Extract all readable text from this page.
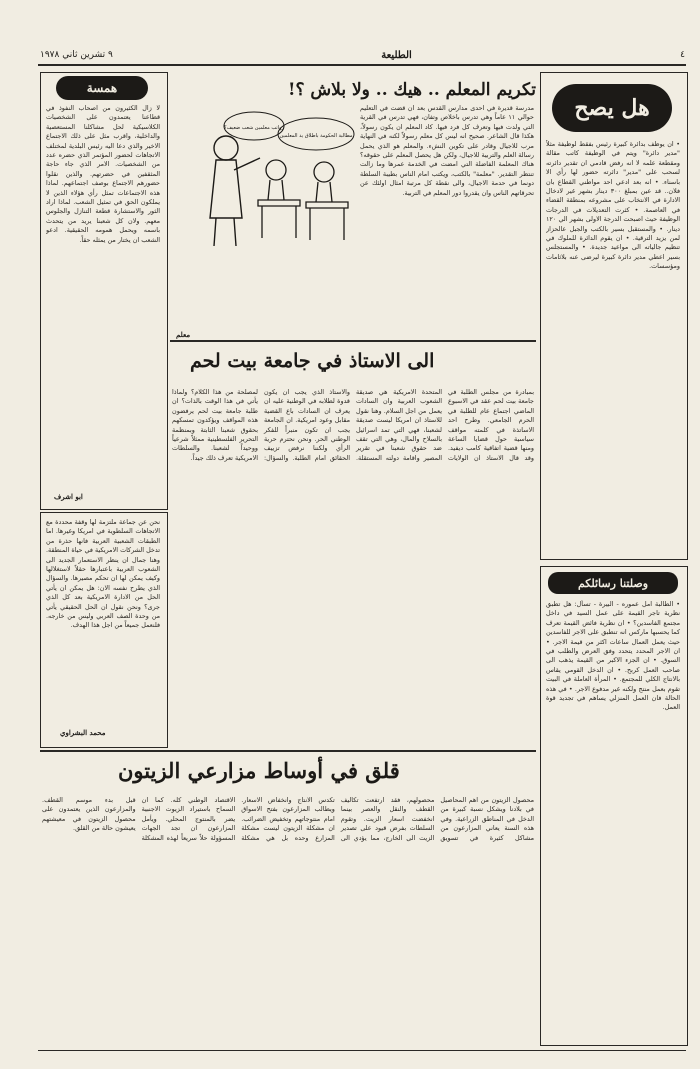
٤
الطليعة
٩ تشرين ثاني ١٩٧٨
هل يصح
• ان يوظف بدائرة كبيرة رئيس بفقط لوظيفة مثلاً "مدير دائرة" ويتم في الوظيفة كاتب مقالة ومقطعة علمه لا انه رفض قادمي ان تقدير دائرته لسحب على "مدير" دائرته حضور لها رأي الا باسناء. • انه بعد ادعي احد مواطني القطاع بان فلان.. قد عين بمبلغ ٣٠٠ دينار بشهر غير لادخال الادارة في الانتخاب على مشروعه بمنطقة القضاء في العاصمة. • كثرت التعديلات في الدرجات الوظيفة حيث اصبحت الدرجة الاولى بشهر الي ١٢٠ دينار. • والمستقبل بسير بالكتب والجبل عالحزاز لمن يزيد الترقية. • ان يقوم الدائرة للملوك في تنظيم جالياته الى مواعيد جديدة. • والمستجلس بسير اعطي مدير دائرة كبيرة ليرضى عنه بلاثامات ومؤسسات.
وصلتنا رسائلكم
• الطالبة امل عموره - البيرة - تسأل: هل تطبق نظرية تاجر القيمة على عمل السيد في داخل مجتمع الفاسدين؟ • ان نظرية فائض القيمة تعرف كما يحسبها ماركس انه تنطبق على الاجر للفاسدين حيث يعمل العمال ساعات اكثر من قيمة الاجر. • ان الاجر المحدد يتحدد وفق العرض والطلب في السوق. • ان الجزء الاكبر من القيمة يذهب الى صاحب العمل كربح. • ان الدخل القومي يقاس بالانتاج الكلي للمجتمع. • المرأة العاملة في البيت تقوم بعمل منتج ولكنه غير مدفوع الاجر. • في هذه الحالة فان العمل المنزلي يساهم في تجديد قوة العمل.
همسة
لا زال الكثيرون من اصحاب النفوذ في قطاعنا يعتمدون على الشخصيات الكلاسيكية لحل مشاكلنا المستعصية والداخلية، واقرب مثل على ذلك الاجتماع الاخير والذي دعا اليه رئيس البلدية لمختلف الاتجاهات لحضور المؤتمر الذي حضره عدد من الشخصيات. الامر الذي جاء حاجة المثقفين في حضرتهم. والذين نقلوا حضورهم الاجتماع بوصف اجتماعهم. لماذا هذه الاجتماعات تمثل رأي هؤلاء الذين لا يملكون الحق في تمثيل الشعب. لماذا اراد الثور والاستشارة قطعة التنازل والجلوس معهم. ولان كل شعبنا يريد من يتحدث باسمه ويحمل همومه الحقيقية. ادعو الشعب ان يختار من يمثله حقاً.
ابو اشرف
نحن عن جماعة ملتزمة لها وقفة محددة مع الاتجاهات السلطوية في امريكا وغيرها. اما الطبقات الشعبية العربية فانها حذرة من تدخل الشركات الامريكية في حياة المنطقة. وهنا جمال ان ينظر الاستعمار الجديد الى الشعوب العربية باعتبارها حقلاً لاستغلالها وكيف يمكن لها ان تحكم مصيرها. والسؤال الذي يطرح نفسه الان: هل يمكن ان يأتي الحل من الادارة الامريكية بعد كل الذي جرى؟ ونحن نقول ان الحل الحقيقي يأتي من وحدة الصف العربي وليس من خارجه. فلنعمل جميعاً من اجل هذا الهدف.
محمد البشراوي
تكريم المعلم .. هيك .. ولا بلاش ؟!

مدرسة قديرة في احدى مدارس القدس بعد ان قضت في التعليم حوالي ١١ عاماً وهي تدرس باخلاص وتفان، فهي تدرس في القرية التي ولدت فيها وتعرف كل فرد فيها. كاد المعلم ان يكون رسولاً، هكذا قال الشاعر. صحيح انه ليس كل معلم رسولاً لكنه في النهاية مرب للاجيال وقادر على تكوين النشء. والمعلم هو الذي يحمل رسالة العلم والتربية للاجيال، ولكن هل يحصل المعلم على حقوقه؟ هناك المعلمة الفاضلة التي امضت في الخدمة عمرها وما زالت تنتظر التقدير. "معلمة" بالكتب، ويكتب امام الناس بطيبة السلطة دونما في حدمة الاجيال، والى نقطة كل مرتبة امثال اولئك عن تحرقاتهم الناس وان يقدروا دور المعلم في التربية.

رواتب معلمين شعب ضعيف؟
مطالبة الحكومة باطلاق يد المعلمين
معلم
الى الاستاذ في جامعة بيت لحم
بمبادرة من مجلس الطلبة في جامعة بيت لحم عقد في الاسبوع الماضي اجتماع عام للطلبة في الحرم الجامعي. وطرح احد الاساتذة في كلمته مواقف سياسية حول قضايا الساعة ومنها قضية اتفاقية كامب ديفيد. وقد قال الاستاذ ان الولايات المتحدة الامريكية هي صديقة الشعوب العربية وان السادات يعمل من اجل السلام. وهنا نقول للاستاذ ان امريكا ليست صديقة لشعبنا، فهي التي تمد اسرائيل بالسلاح والمال، وهي التي تقف ضد حقوق شعبنا في تقرير المصير واقامة دولته المستقلة. والاستاذ الذي يجب ان يكون قدوة لطلابه في الوطنية عليه ان يعرف ان السادات باع القضية مقابل وعود امريكية. ان الجامعة يجب ان تكون منبراً للفكر الوطني الحر. ونحن نحترم حرية الرأي ولكننا نرفض تزييف الحقائق امام الطلبة. والسؤال: لمصلحة من هذا الكلام؟ ولماذا يأتي في هذا الوقت بالذات؟ ان طلبة جامعة بيت لحم يرفضون هذه المواقف ويؤكدون تمسكهم بحقوق شعبنا الثابتة وبمنظمة التحرير الفلسطينية ممثلاً شرعياً ووحيداً لشعبنا. والسلطات الامريكية تعرف ذلك جيداً.
قلق في أوساط مزارعي الزيتون
محصول الزيتون من اهم المحاصيل في بلادنا ويشكل نسبة كبيرة من الدخل في المناطق الزراعية. وفي هذه السنة يعاني المزارعون من مشاكل كثيرة في تسويق محصولهم، فقد ارتفعت تكاليف القطف والنقل والعصر بينما انخفضت اسعار الزيت. وتقوم السلطات بفرض قيود على تصدير الزيت الى الخارج، مما يؤدي الى تكدس الانتاج وانخفاض الاسعار. ويطالب المزارعون بفتح الاسواق امام منتوجاتهم وتخفيض الضرائب. ان مشكلة الزيتون ليست مشكلة المزارع وحده بل هي مشكلة الاقتصاد الوطني كله. كما ان السماح باستيراد الزيوت الاجنبية يضر بالمنتوج المحلي. ويأمل المزارعون ان تجد الجهات المسؤولة حلاً سريعاً لهذه المشكلة قبل بدء موسم القطف. والمزارعون الذين يعتمدون على محصول الزيتون في معيشتهم يعيشون حالة من القلق.
